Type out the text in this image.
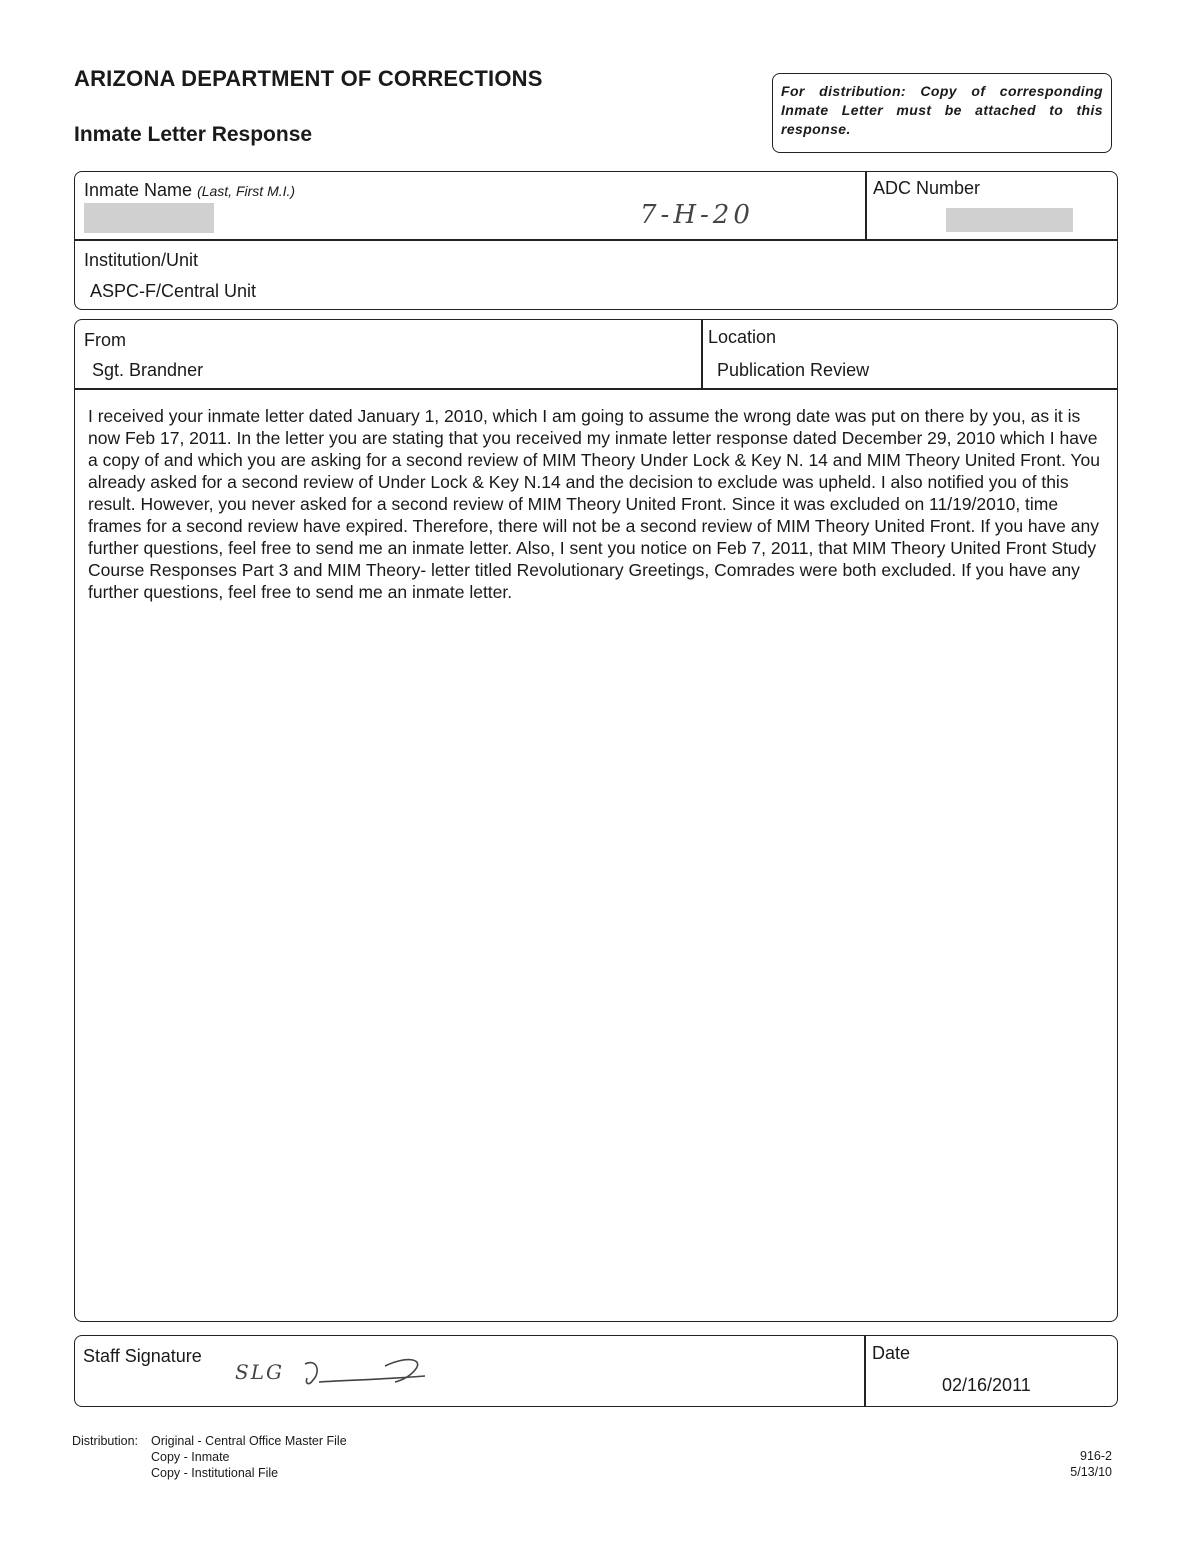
ARIZONA DEPARTMENT OF CORRECTIONS
Inmate Letter Response
For distribution: Copy of corresponding Inmate Letter must be attached to this response.
Inmate Name (Last, First M.I.)
7-H-20
ADC Number
Institution/Unit
ASPC-F/Central Unit
From
Sgt. Brandner
Location
Publication Review
I received your inmate letter dated January 1, 2010, which I am going to assume the wrong date was put on there by you, as it is now Feb 17, 2011. In the letter you are stating that you received my inmate letter response dated December 29, 2010 which I have a copy of and which you are asking for a second review of MIM Theory Under Lock & Key N. 14 and MIM Theory United Front. You already asked for a second review of Under Lock & Key N.14 and the decision to exclude was upheld. I also notified you of this result. However, you never asked for a second review of MIM Theory United Front. Since it was excluded on 11/19/2010, time frames for a second review have expired. Therefore, there will not be a second review of MIM Theory United Front. If you have any further questions, feel free to send me an inmate letter. Also, I sent you notice on Feb 7, 2011, that MIM Theory United Front Study Course Responses Part 3 and MIM Theory- letter titled Revolutionary Greetings, Comrades were both excluded. If you have any further questions, feel free to send me an inmate letter.
Staff Signature
SLG
Date
02/16/2011
Distribution: Original - Central Office Master File
Copy - Inmate
Copy - Institutional File
916-2
5/13/10
